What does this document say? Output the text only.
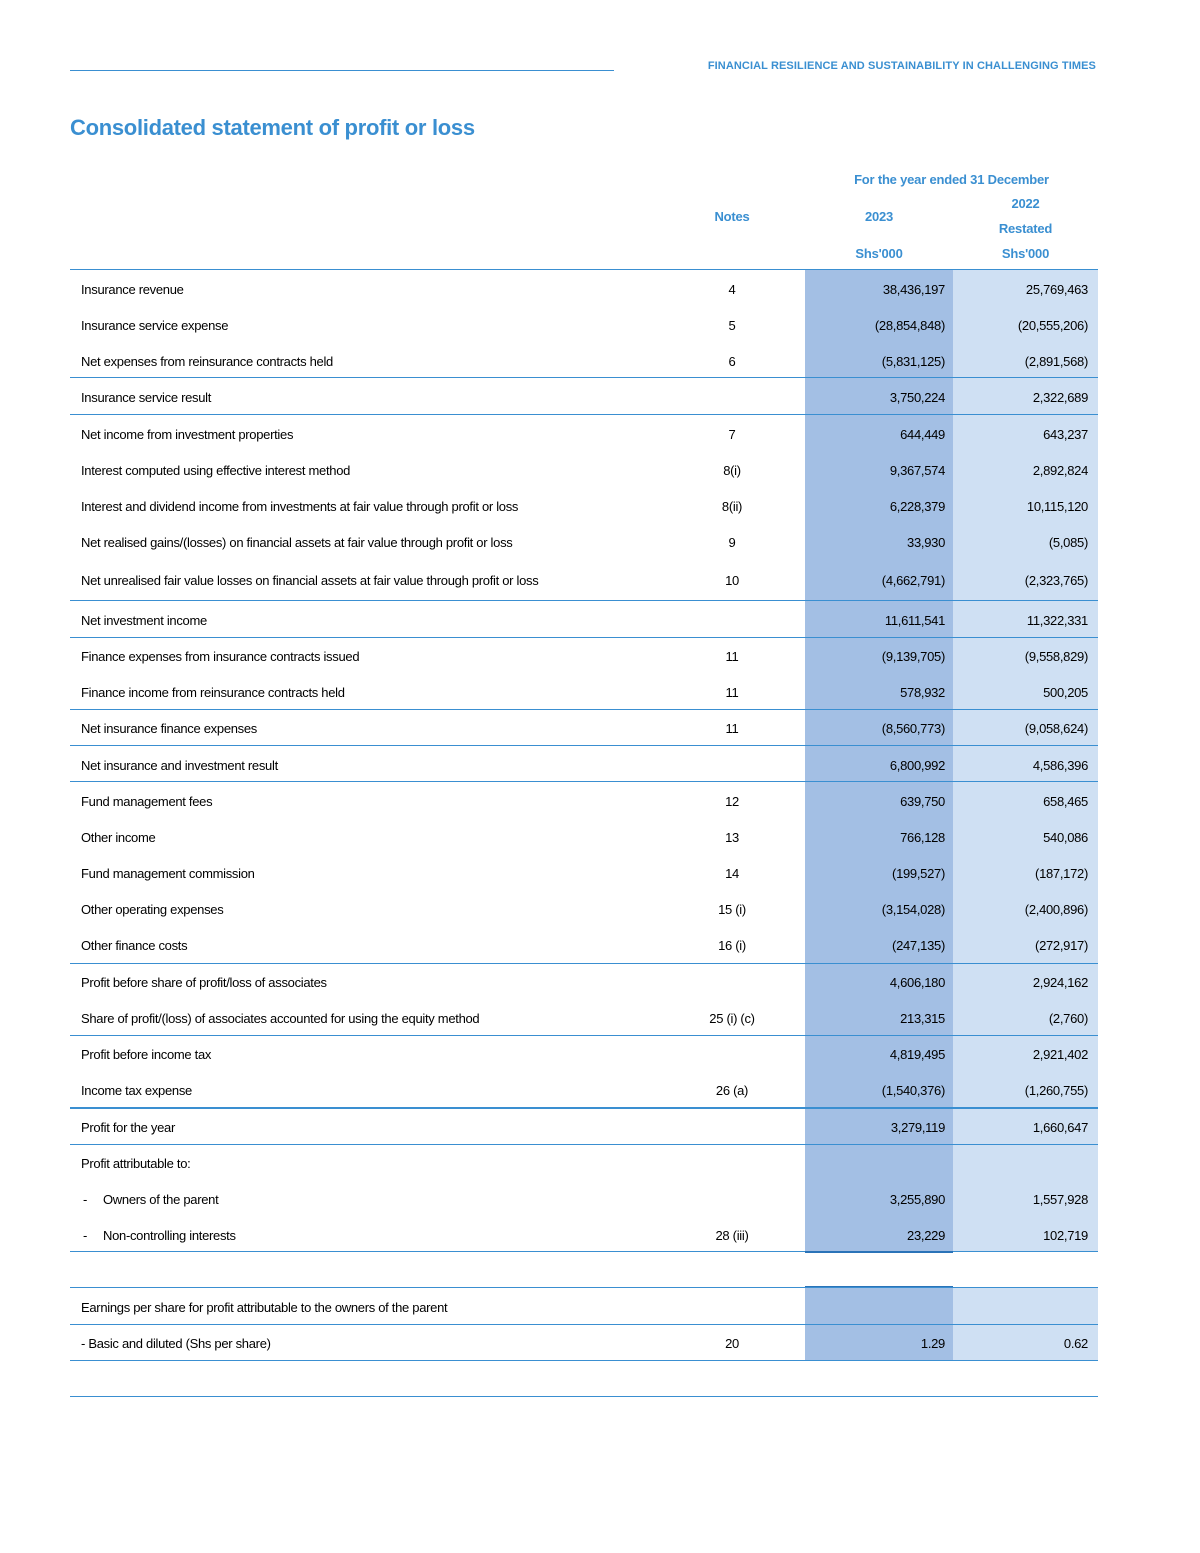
FINANCIAL RESILIENCE AND SUSTAINABILITY IN CHALLENGING TIMES
Consolidated statement of profit or loss
For the year ended 31 December
Notes	2023
2022
Restated
Shs'000	Shs'000
Insurance revenue	4	38,436,197	25,769,463
Insurance service expense	5	(28,854,848)	(20,555,206)
Net expenses from reinsurance contracts held	6	(5,831,125)	(2,891,568)
Insurance service result	3,750,224	2,322,689
Net income from investment properties	7	644,449	643,237
Interest computed using effective interest method	8(i)	9,367,574	2,892,824
Interest and dividend income from investments at fair value through profit or loss	8(ii)	6,228,379	10,115,120
Net realised gains/(losses) on financial assets at fair value through profit or loss	9	33,930	(5,085)
Net unrealised fair value losses on financial assets at fair value through profit or loss	10	(4,662,791)	(2,323,765)
Net investment income	11,611,541	11,322,331
Finance expenses from insurance contracts issued	11	(9,139,705)	(9,558,829)
Finance income from reinsurance contracts held	11	578,932	500,205
Net insurance finance expenses	11	(8,560,773)	(9,058,624)
Net insurance and investment result	6,800,992	4,586,396
Fund management fees	12	639,750	658,465
Other income	13	766,128	540,086
Fund management commission	14	(199,527)	(187,172)
Other operating expenses	15 (i)	(3,154,028)	(2,400,896)
Other finance costs	16 (i)	(247,135)	(272,917)
Profit before share of profit/loss of associates	4,606,180	2,924,162
Share of profit/(loss) of associates accounted for using the equity method	25 (i) (c)	213,315	(2,760)
Profit before income tax	4,819,495	2,921,402
Income tax expense	26 (a)	(1,540,376)	(1,260,755)
Profit for the year	3,279,119	1,660,647
Profit attributable to:
- Owners of the parent	3,255,890	1,557,928
- Non-controlling interests	28 (iii)	23,229	102,719
Earnings per share for profit attributable to the owners of the parent
- Basic and diluted (Shs per share)	20	1.29	0.62
